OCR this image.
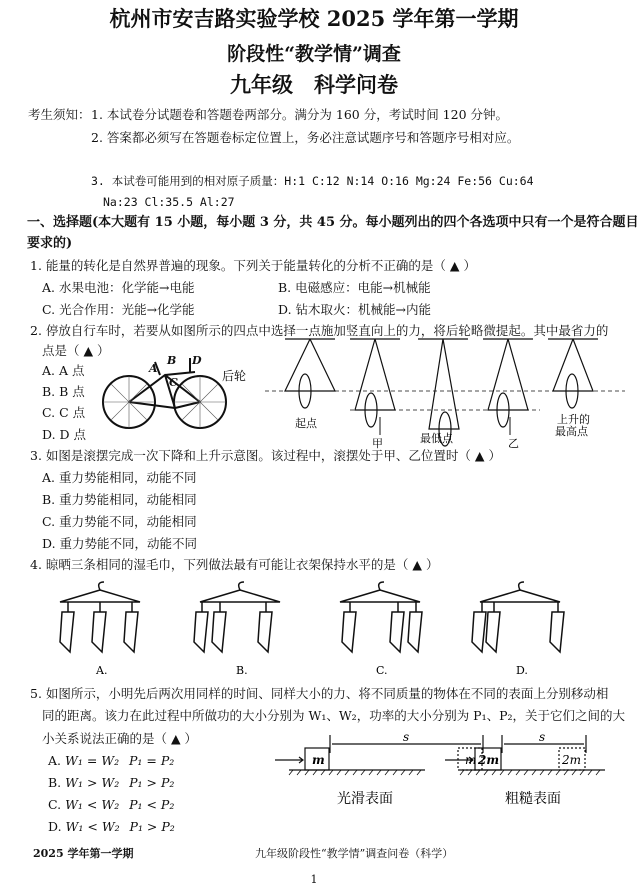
杭州市安吉路实验学校 2025 学年第一学期
阶段性“教学情”调查
九年级　科学问卷
考生须知： 1. 本试卷分试题卷和答题卷两部分。满分为 160 分，考试时间 120 分钟。
2. 答案都必须写在答题卷标定位置上，务必注意试题序号和答题序号相对应。
3. 本试卷可能用到的相对原子质量：H:1 C:12 N:14 O:16 Mg:24 Fe:56 Cu:64
Na:23 Cl:35.5 Al:27
一、选择题(本大题有 15 小题，每小题 3 分，共 45 分。每小题列出的四个各选项中只有一个是符合题目
要求的)
1. 能量的转化是自然界普遍的现象。下列关于能量转化的分析不正确的是（ ▲ ）
A. 水果电池：化学能→电能	B. 电磁感应：电能→机械能
C. 光合作用：光能→化学能	D. 钻木取火：机械能→内能
2. 停放自行车时，若要从如图所示的四点中选择一点施加竖直向上的力，将后轮略微提起。其中最省力的
点是（ ▲ ）
A. A 点
B. B 点
C. C 点
D. D 点
A
B
C
D
后轮
起点
甲	最低点	乙
上升的
最高点
3. 如图是滚摆完成一次下降和上升示意图。该过程中，滚摆处于甲、乙位置时（ ▲ ）
A. 重力势能相同，动能不同
B. 重力势能相同，动能相同
C. 重力势能不同，动能相同
D. 重力势能不同，动能不同
4. 晾晒三条相同的湿毛巾，下列做法最有可能让衣架保持水平的是（ ▲ ）
A.	B.	C.	D.
5. 如图所示，小明先后两次用同样的时间、同样大小的力、将不同质量的物体在不同的表面上分别移动相
同的距离。该力在此过程中所做功的大小分别为 W₁、W₂，功率的大小分别为 P₁、P₂，关于它们之间的大
小关系说法正确的是（ ▲ ）
A. W₁ = W₂ P₁ = P₂
B. W₁ > W₂ P₁ > P₂
C. W₁ < W₂ P₁ < P₂
D. W₁ < W₂ P₁ > P₂
s	s
m	m 2m	2m
光滑表面	粗糙表面
2025 学年第一学期	九年级阶段性“教学情”调查问卷（科学）
1
